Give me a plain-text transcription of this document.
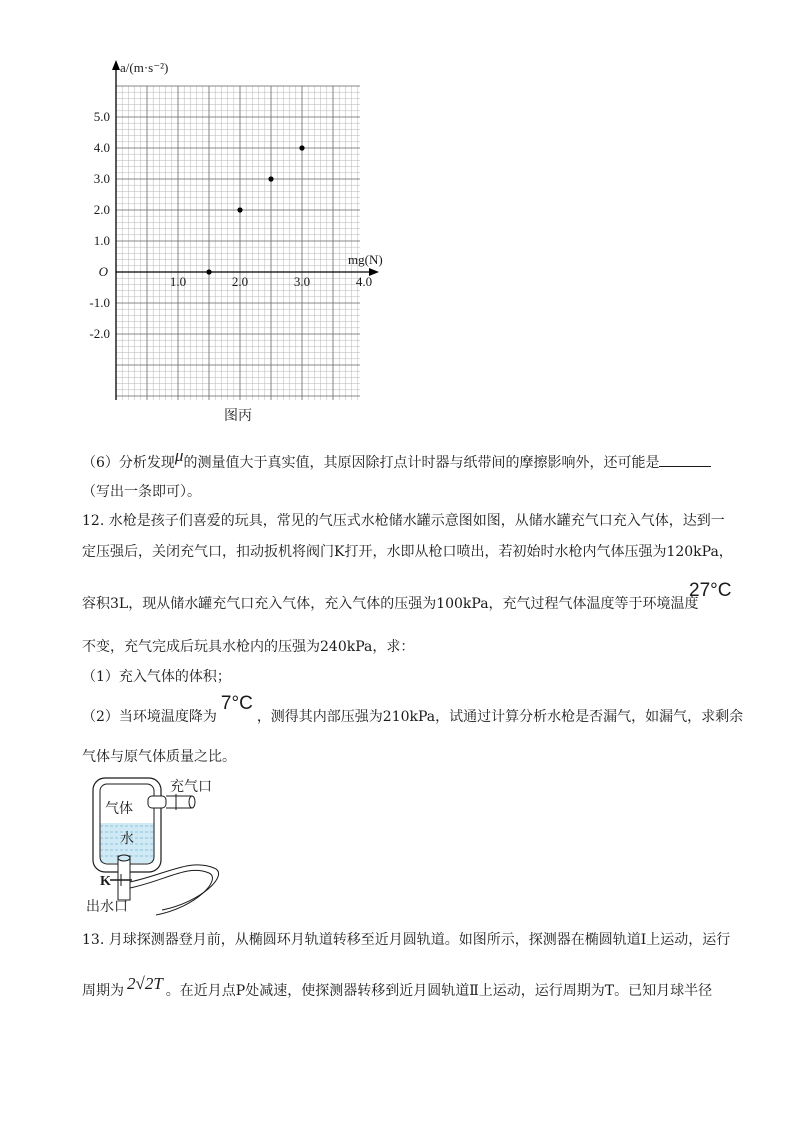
5.0
4.0
3.0
2.0
1.0
-1.0
-2.0
1.0	2.0	3.0	4.0
O
a/(m·s⁻²)
mg(N)
图丙
（6）分析发现μ的测量值大于真实值，其原因除打点计时器与纸带间的摩擦影响外，还可能是
（写出一条即可）。
12. 水枪是孩子们喜爱的玩具，常见的气压式水枪储水罐示意图如图，从储水罐充气口充入气体，达到一
定压强后，关闭充气口，扣动扳机将阀门K打开，水即从枪口喷出，若初始时水枪内气体压强为120kPa，
容积3L，现从储水罐充气口充入气体，充入气体的压强为100kPa，充气过程气体温度等于环境温度
27°C
不变，充气完成后玩具水枪内的压强为240kPa，求：
（1）充入气体的体积；
（2）当环境温度降为7°C，测得其内部压强为210kPa，试通过计算分析水枪是否漏气，如漏气，求剩余
气体与原气体质量之比。
气体
水
充气口
K
出水口
13. 月球探测器登月前，从椭圆环月轨道转移至近月圆轨道。如图所示，探测器在椭圆轨道Ⅰ上运动，运行
周期为 2√2T 。在近月点P处减速，使探测器转移到近月圆轨道Ⅱ上运动，运行周期为T。已知月球半径
